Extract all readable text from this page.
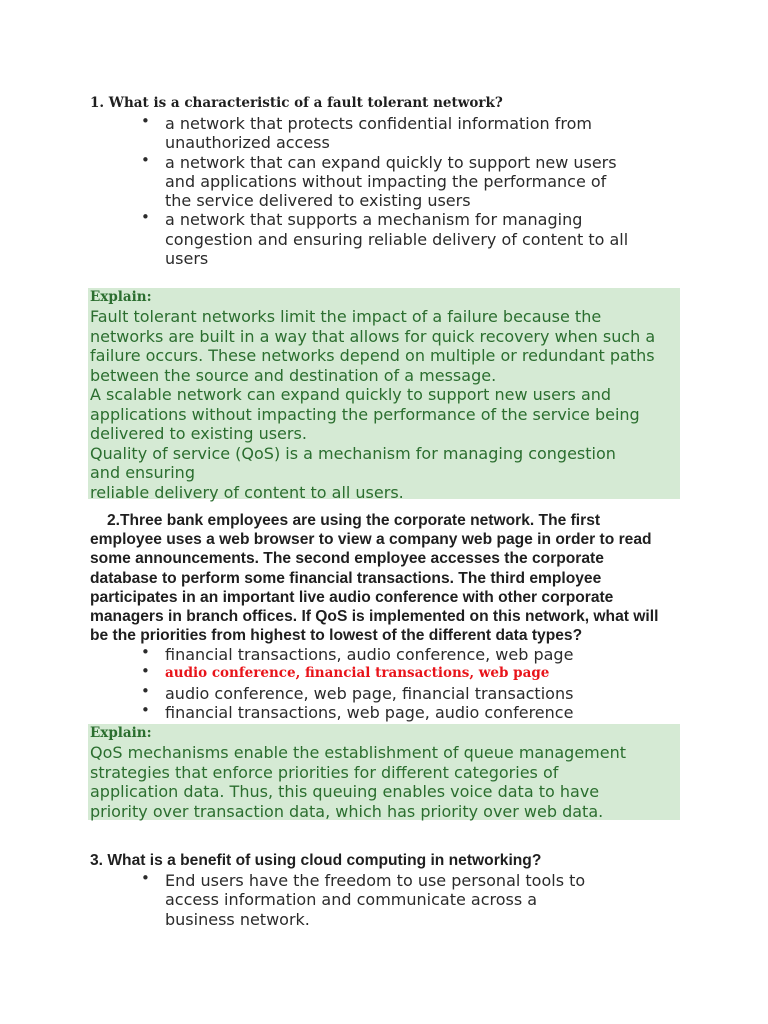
1. What is a characteristic of a fault tolerant network?
• a network that protects confidential information from unauthorized access
• a network that can expand quickly to support new users and applications without impacting the performance of the service delivered to existing users
• a network that supports a mechanism for managing congestion and ensuring reliable delivery of content to all users
Explain:
Fault tolerant networks limit the impact of a failure because the
networks are built in a way that allows for quick recovery when such a
failure occurs. These networks depend on multiple or redundant paths
between the source and destination of a message.
A scalable network can expand quickly to support new users and
applications without impacting the performance of the service being
delivered to existing users.
Quality of service (QoS) is a mechanism for managing congestion
and ensuring
reliable delivery of content to all users.
2.Three bank employees are using the corporate network. The first employee uses a web browser to view a company web page in order to read some announcements. The second employee accesses the corporate database to perform some financial transactions. The third employee participates in an important live audio conference with other corporate managers in branch offices. If QoS is implemented on this network, what will be the priorities from highest to lowest of the different data types?
• financial transactions, audio conference, web page
• audio conference, financial transactions, web page
• audio conference, web page, financial transactions
• financial transactions, web page, audio conference
Explain:
QoS mechanisms enable the establishment of queue management
strategies that enforce priorities for different categories of
application data. Thus, this queuing enables voice data to have
priority over transaction data, which has priority over web data.
3. What is a benefit of using cloud computing in networking?
• End users have the freedom to use personal tools to access information and communicate across a business network.
